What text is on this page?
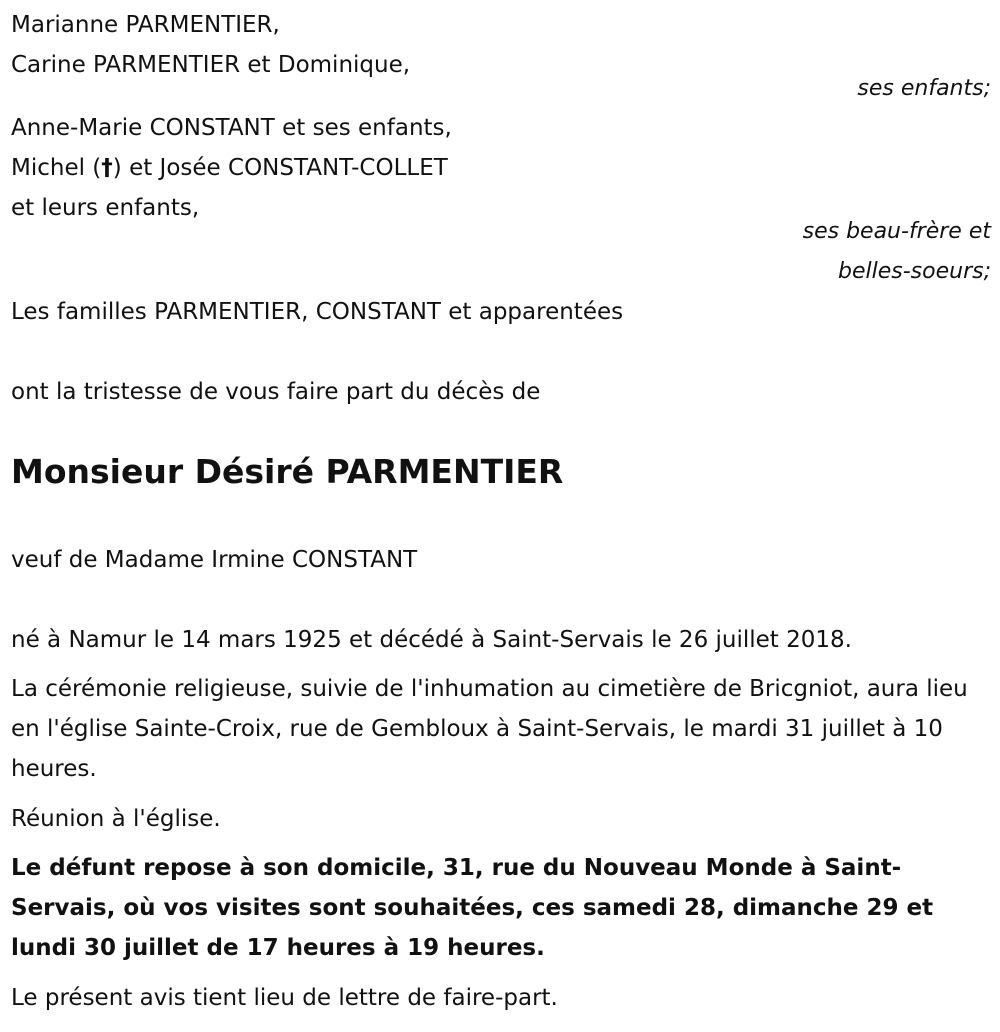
Marianne PARMENTIER,
Carine PARMENTIER et Dominique,
ses enfants;
Anne-Marie CONSTANT et ses enfants,
Michel (†) et Josée CONSTANT-COLLET
et leurs enfants,
ses beau-frère et
belles-soeurs;
Les familles PARMENTIER, CONSTANT et apparentées
ont la tristesse de vous faire part du décès de
Monsieur Désiré PARMENTIER
veuf de Madame Irmine CONSTANT
né à Namur le 14 mars 1925 et décédé à Saint-Servais le 26 juillet 2018.
La cérémonie religieuse, suivie de l'inhumation au cimetière de Bricgniot, aura lieu en l'église Sainte-Croix, rue de Gembloux à Saint-Servais, le mardi 31 juillet à 10 heures.
Réunion à l'église.
Le défunt repose à son domicile, 31, rue du Nouveau Monde à Saint-Servais, où vos visites sont souhaitées, ces samedi 28, dimanche 29 et lundi 30 juillet de 17 heures à 19 heures.
Le présent avis tient lieu de lettre de faire-part.
